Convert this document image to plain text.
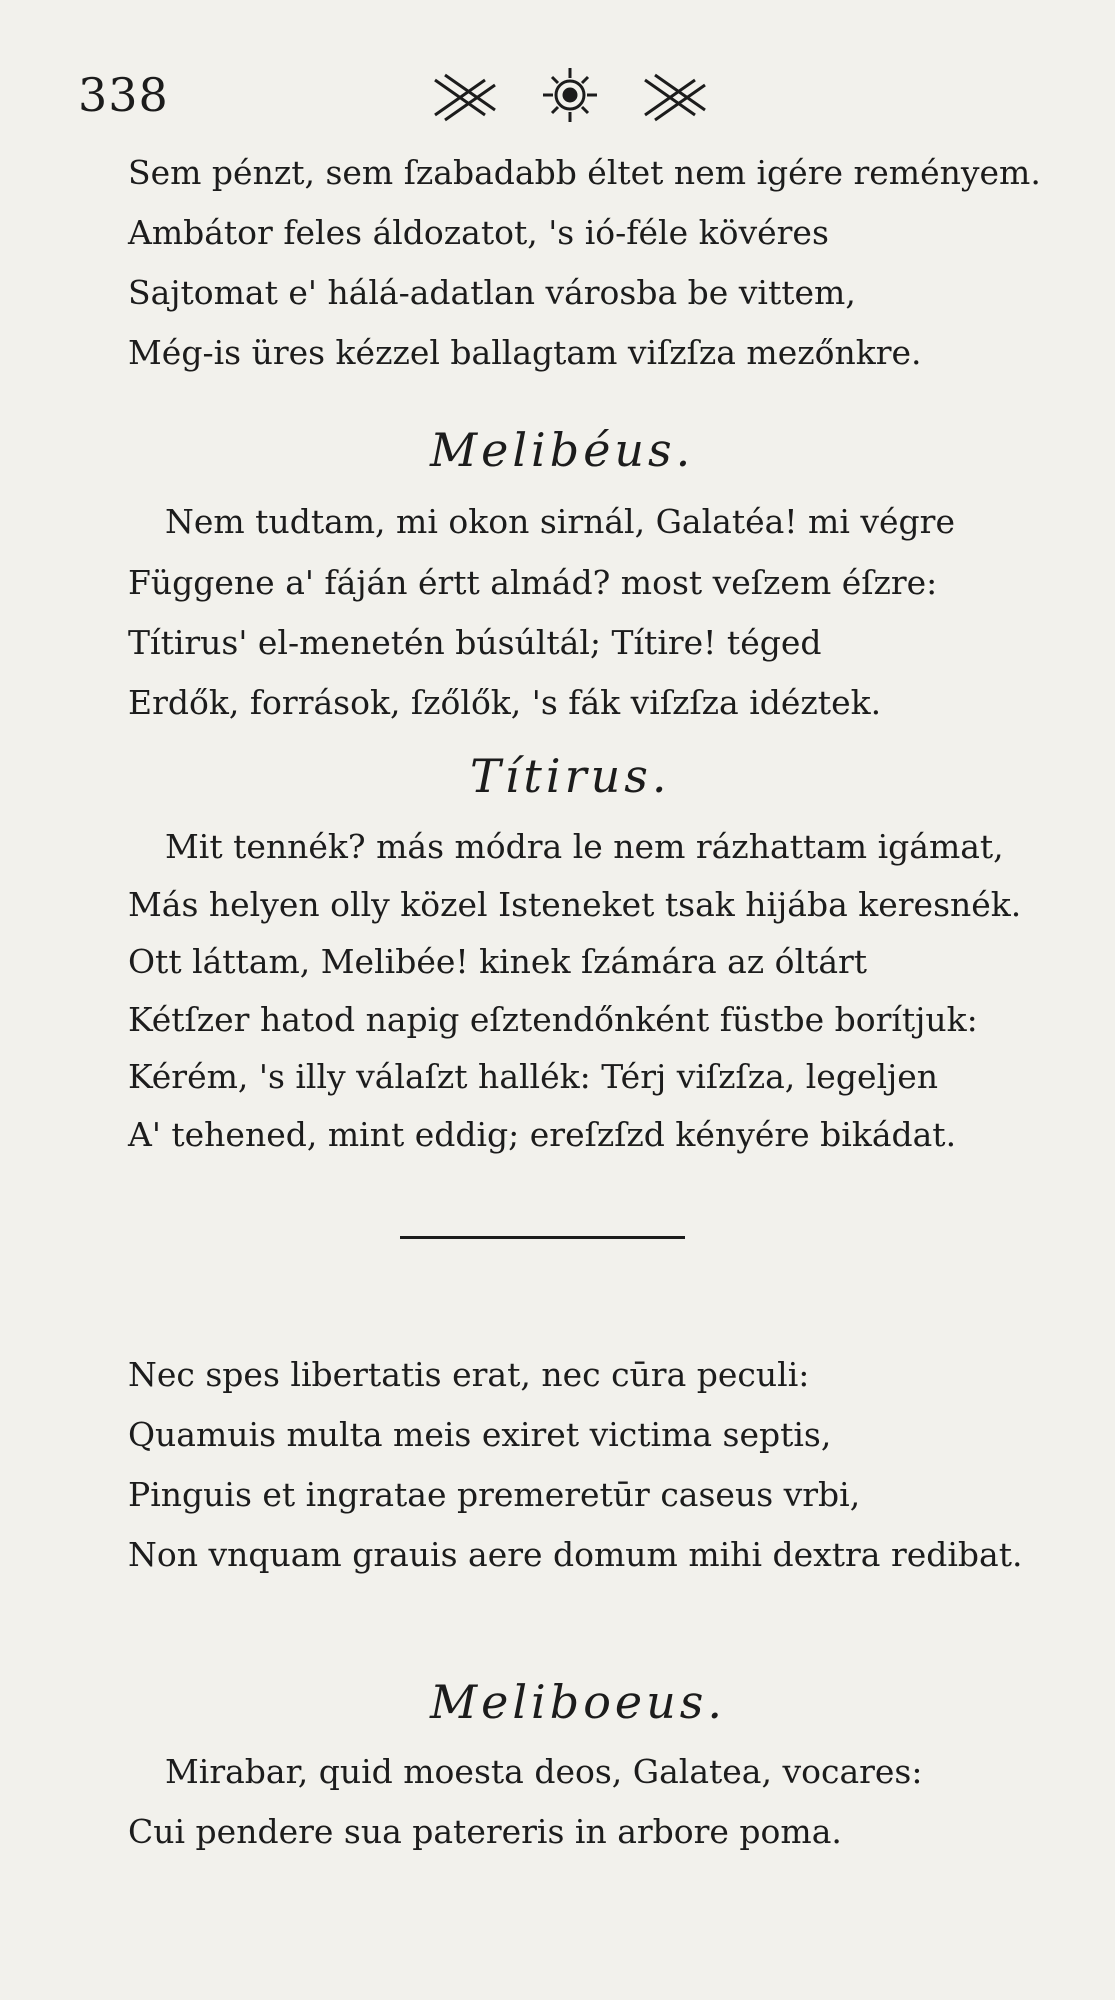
338
Sem pénzt, sem ſzabadabb éltet nem igére reményem.
Ambátor feles áldozatot, 's ió-féle kövéres
Sajtomat e' hálá-adatlan városba be vittem,
Még-is üres kézzel ballagtam viſzſza mezőnkre.
Melibéus.
Nem tudtam, mi okon sirnál, Galatéa! mi végre
Függene a' fáján értt almád? most veſzem éſzre:
Títirus' el-menetén búsúltál; Títire! téged
Erdők, források, ſzőlők, 's fák viſzſza idéztek.
Títirus.
Mit tennék? más módra le nem rázhattam igámat,
Más helyen olly közel Isteneket tsak hijába keresnék.
Ott láttam, Melibée! kinek ſzámára az óltárt
Kétſzer hatod napig eſztendőnként füstbe borítjuk:
Kérém, 's illy válaſzt hallék: Térj viſzſza, legeljen
A' tehened, mint eddig; ereſzſzd kényére bikádat.
Nec spes libertatis erat, nec cūra peculi:
Quamuis multa meis exiret victima septis,
Pinguis et ingratae premeretūr caseus vrbi,
Non vnquam grauis aere domum mihi dextra redibat.
Meliboeus.
Mirabar, quid moesta deos, Galatea, vocares:
Cui pendere sua patereris in arbore poma.
